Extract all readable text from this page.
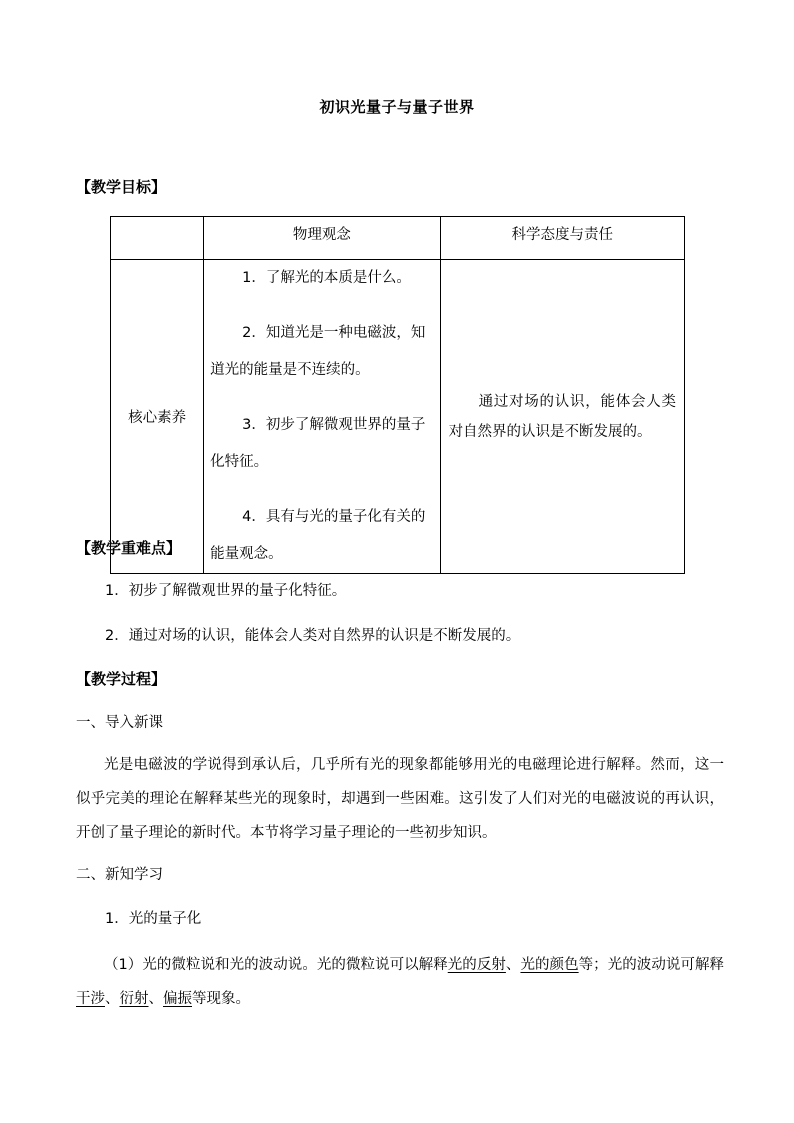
初识光量子与量子世界
【教学目标】

	物理观念	科学态度与责任

核心素养	1．了解光的本质是什么。

2．知道光是一种电磁波，知道光的能量是不连续的。

3．初步了解微观世界的量子化特征。

4．具有与光的量子化有关的能量观念。	通过对场的认识，能体会人类对自然界的认识是不断发展的。
【教学重难点】
1．初步了解微观世界的量子化特征。
2．通过对场的认识，能体会人类对自然界的认识是不断发展的。
【教学过程】
一、导入新课
光是电磁波的学说得到承认后，几乎所有光的现象都能够用光的电磁理论进行解释。然而，这一似乎完美的理论在解释某些光的现象时，却遇到一些困难。这引发了人们对光的电磁波说的再认识，开创了量子理论的新时代。本节将学习量子理论的一些初步知识。
二、新知学习
1．光的量子化
（1）光的微粒说和光的波动说。光的微粒说可以解释光的反射、光的颜色等；光的波动说可解释干涉、衍射、偏振等现象。
